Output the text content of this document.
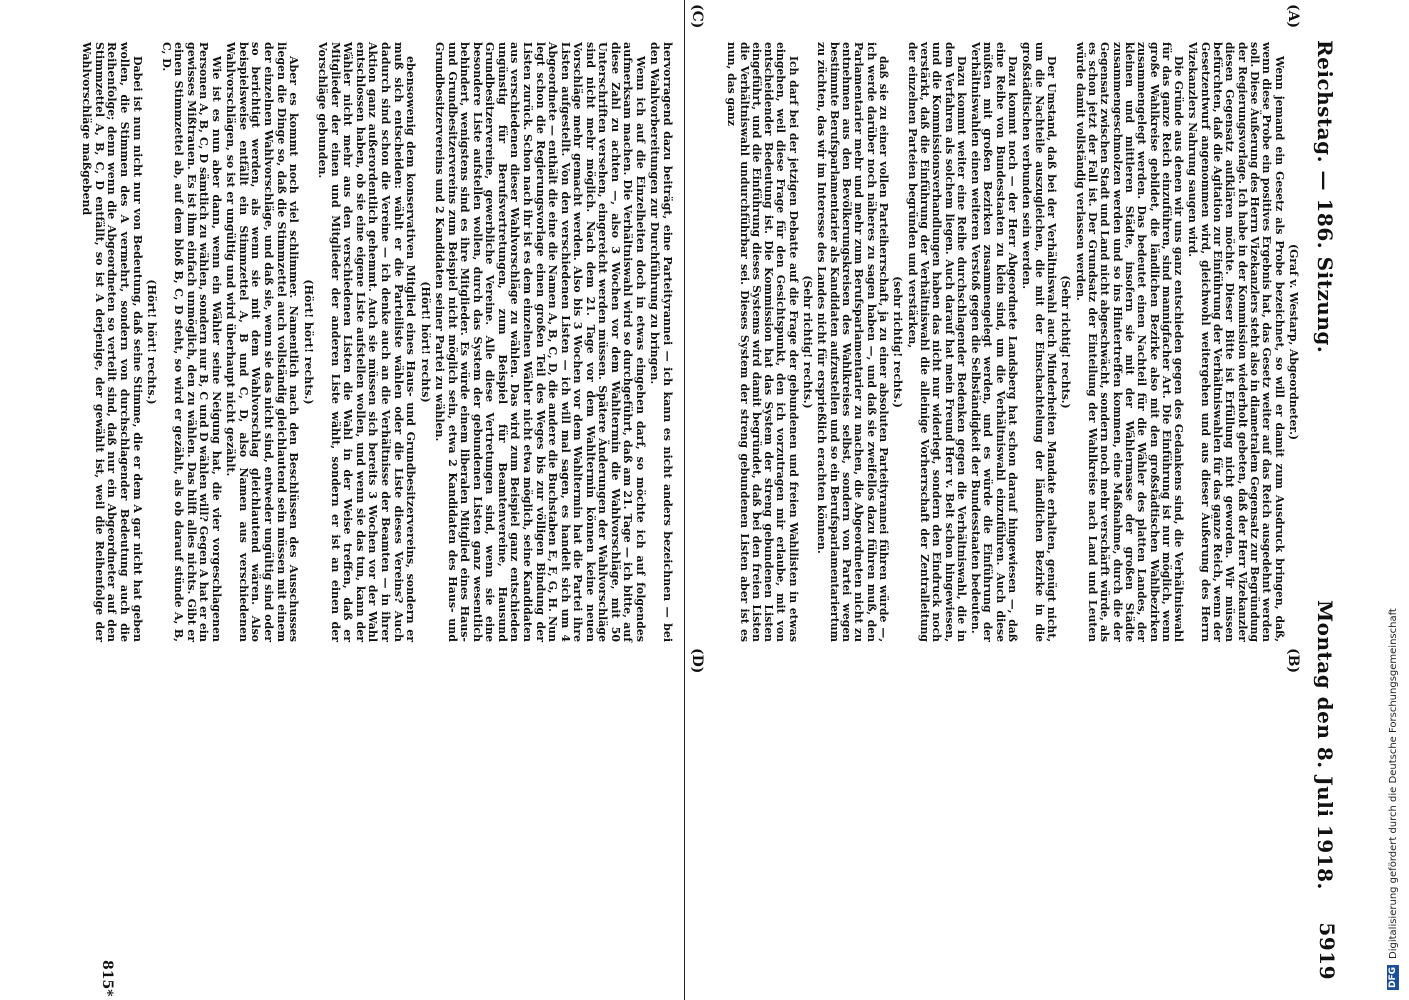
Reichstag. — 186. Sitzung.
Montag den 8. Juli 1918.
5919
(A)
(C)
(B)
(D)

(Graf v. Westarp, Abgeordneter.)

Wenn jemand ein Gesetz als Probe bezeichnet, so will er damit zum Ausdruck bringen, daß, wenn diese Probe ein positives Ergebnis hat, das Gesetz weiter auf das Reich ausgedehnt werden soll. Diese Äußerung des Herrn Vizekanzlers steht also in diametralem Gegensatz zur Begründung der Regierungsvorlage. Ich habe in der Kommission wiederholt gebeten, daß der Herr Vizekanzler diesen Gegensatz aufklären möchte. Dieser Bitte ist Erfüllung nicht geworden. Wir müssen befürchten, daß die Agitation zur Einführung der Verhältniswahlen für das ganze Reich, wenn der Gesetzentwurf angenommen wird, gleichwohl weitergehen und aus dieser Äußerung des Herrn Vizekanzlers Nahrung saugen wird.

Die Gründe aus denen wir uns ganz entschieden gegen des Gedankens sind, die Verhältniswahl für das ganze Reich einzuführen, sind mannigfacher Art. Die Einführung ist nur möglich, wenn große Wahlkreise gebildet, die ländlichen Bezirke also mit den großstädtischen Wahlbezirken zusammengelegt werden. Das bedeutet einen Nachteil für die Wähler des platten Landes, der kleinen und mittleren Städte, insofern sie mit der Wählermasse der großen Städte zusammengeschmolzen werden und so ins Hintertreffen kommen, eine Maßnahme, durch die der Gegensatz zwischen Stadt und Land nicht abgeschwächt, sondern noch mehr verschärft würde, als es schon jetzt der Fall ist. Der Grundsatz der Einteilung der Wahlkreise nach Land und Leuten würde damit vollständig verlassen werden.

(Sehr richtig! rechts.)

Der Umstand, daß bei der Verhältniswahl auch Minderheiten Mandate erhalten, genügt nicht, um die Nachteile auszugleichen, die mit der Einschachtelung der ländlichen Bezirke in die großstädtischen verbunden sein werden.

Dazu kommt noch — der Herr Abgeordnete Landsberg hat schon darauf hingewiesen —, daß eine Reihe von Bundesstaaten zu klein sind, um die Verhältniswahl einzuführen. Auch diese müßten mit großen Bezirken zusammengelegt werden, und es würde die Einführung der Verhältniswahlen einen weiteren Verstoß gegen die Selbständigkeit der Bundesstaaten bedeuten.

Dazu kommt weiter eine Reihe durchschlagender Bedenken gegen die Verhältniswahl, die in dem Verfahren als solchem liegen. Auch darauf hat mein Freund Herr v. Belt schon hingewiesen, und die Kommissionsverhandlungen haben das nicht nur widerlegt, sondern den Eindruck noch verstärkt, daß die Einführung der Verhältniswahl die alleinige Vorherrschaft der Zentralleitung der einzelnen Parteien begründen und verstärken,

(sehr richtig! rechts.)

daß sie zu einer vollen Parteiherrschaft, ja zu einer absoluten Parteityrannei führen würde —, ich werde darüber noch näheres zu sagen haben —, und daß sie zweifellos dazu führen muß, den Parlamentarier mehr und mehr zum Berufsparlamentarier zu machen, die Abgeordneten nicht zu entnehmen aus den Bevölkerungskreisen des Wahlkreises selbst, sondern von Partei wegen bestimmte Berufsparlamentarier als Kandidaten aufzustellen und so ein Berufsparlamentariertum zu züchten, das wir im Interesse des Landes nicht für ersprießlich erachten können.

(Sehr richtig! rechts.)

Ich darf bei der jetzigen Debatte auf die Frage der gebundenen und freien Wahllisten in etwas eingehen, weil diese Frage für den Gesichtspunkt, den ich vorzutragen mir erlaube, mit von entscheidender Bedeutung ist. Die Kommission hat das System der streng gebundenen Listen eingeführt, und die Einführung dieses Systems wird damit begründet, daß bei den freien Listen die Verhältniswahl undurchführbar sei. Dieses System der streng gebundenen Listen aber ist es nun, das ganz

hervorragend dazu beiträgt, eine Parteityrannei — ich kann es nicht anders bezeichnen — bei den Wahlvorbereitungen zur Durchführung zu bringen.

Wenn ich auf die Einzelheiten doch in etwas eingehen darf, so möchte ich auf folgendes aufmerksam machen. Die Verhältniswahl wird so durchgeführt, daß am 21. Tage — ich bitte, auf diese Zahl zu achten —, also 3 Wochen vor dem Wahltermin die Wahlvorschläge, mit 50 Unterschriften versehen, eingereicht werden müssen. Spätere Änderungen der Wahlvorschläge sind nicht mehr möglich. Nach dem 21. Tage vor dem Wahltermin können keine neuen Vorschläge mehr gemacht werden. Also bis 3 Wochen vor dem Wahltermin hat die Partei ihre Listen aufgestellt. Von den verschiedenen Listen — ich will mal sagen, es handelt sich um 4 Abgeordnete — enthält die eine die Namen A, B, C, D, die andere die Buchstaben E, F, G, H. Nun legt schon die Regierungsvorlage einen großen Teil des Weges bis zur völligen Bindung der Listen zurück. Schon nach ihr ist es dem einzelnen Wähler nicht etwa möglich, seine Kandidaten aus verschiedenen dieser Wahlvorschläge zu wählen. Das wird zum Beispiel ganz entschieden ungünstig für Berufsvertretungen, zum Beispiel für Beamtenvereine, Hausund Grundbesitzervereine, gewerbliche Vereine. Alle diese Vertretungen sind, wenn sie eine besondere Liste aufstellen wollen, durch das System der gebundenen Listen ganz wesentlich behindert, wenigstens sind es ihre Mitglieder. Es würde einem liberalen Mitglied eines Haus- und Grundbesitzervereins zum Beispiel nicht möglich sein, etwa 2 Kandidaten des Haus- und Grundbesitzervereins und 2 Kandidaten seiner Partei zu wählen.

(Hört! hört! rechts)

ebensowenig dem konservativen Mitglied eines Haus- und Grundbesitzervereins, sondern er muß sich entscheiden: wählt er die Parteiliste wählen oder die Liste dieses Vereins? Auch dadurch sind schon die Vereine — ich denke auch an die Verhältnisse der Beamten — in ihrer Aktion ganz außerordentlich gehemmt. Auch sie müssen sich bereits 3 Wochen vor der Wahl entschlossen haben, ob sie eine eigene Liste aufstellen wollen, und wenn sie das tun, kann der Wähler nicht mehr aus den verschiedenen Listen die Wahl in der Weise treffen, daß er Mitglieder der einen und Mitglieder der anderen Liste wählt, sondern er ist an einen der Vorschläge gebunden.

(Hört! hört! rechts.)

Aber es kommt noch viel schlimmer. Namentlich nach den Beschlüssen des Ausschusses liegen die Dinge so, daß die Stimmzettel auch vollständig gleichlautend sein müssen mit einem der einzelnen Wahlvorschläge, und daß sie, wenn sie das nicht sind, entweder ungültig sind oder so berichtigt werden, als wenn sie mit dem Wahlvorschlag gleichlautend wären. Also beispielsweise entfällt ein Stimmzettel A, B und C, D, also Namen aus verschiedenen Wahlvorschlägen, so ist er ungültig und wird überhaupt nicht gezählt.

Wie ist es nun aber dann, wenn ein Wähler seine Neigung hat, die vier vorgeschlagenen Personen A, B, C, D sämtlich zu wählen, sondern nur B, C und D wählen will? Gegen A hat er ein gewisses Mißtrauen. Es ist ihm einfach unmöglich, den zu wählen. Das hilft alles nichts. Gibt er einen Stimmzettel ab, auf dem bloß B, C, D steht, so wird er gezählt, als ob darauf stünde A, B, C, D.

(Hört! hört! rechts.)

Dabei ist nun nicht nur von Bedeutung, daß seine Stimme, die er dem A gar nicht hat geben wollen, die Stimmen des A vermehrt, sondern von durchschlagender Bedeutung auch die Reihenfolge; denn wenn die Abgeordneten so verteilt sind, daß nur ein Abgeordneter auf den Stimmzettel A, B, C, D entfällt, so ist A derjenige, der gewählt ist, weil die Reihenfolge der Wahlvorschläge maßgebend

815*	DFGDigitalisierung gefördert durch die Deutsche Forschungsgemeinschaft
